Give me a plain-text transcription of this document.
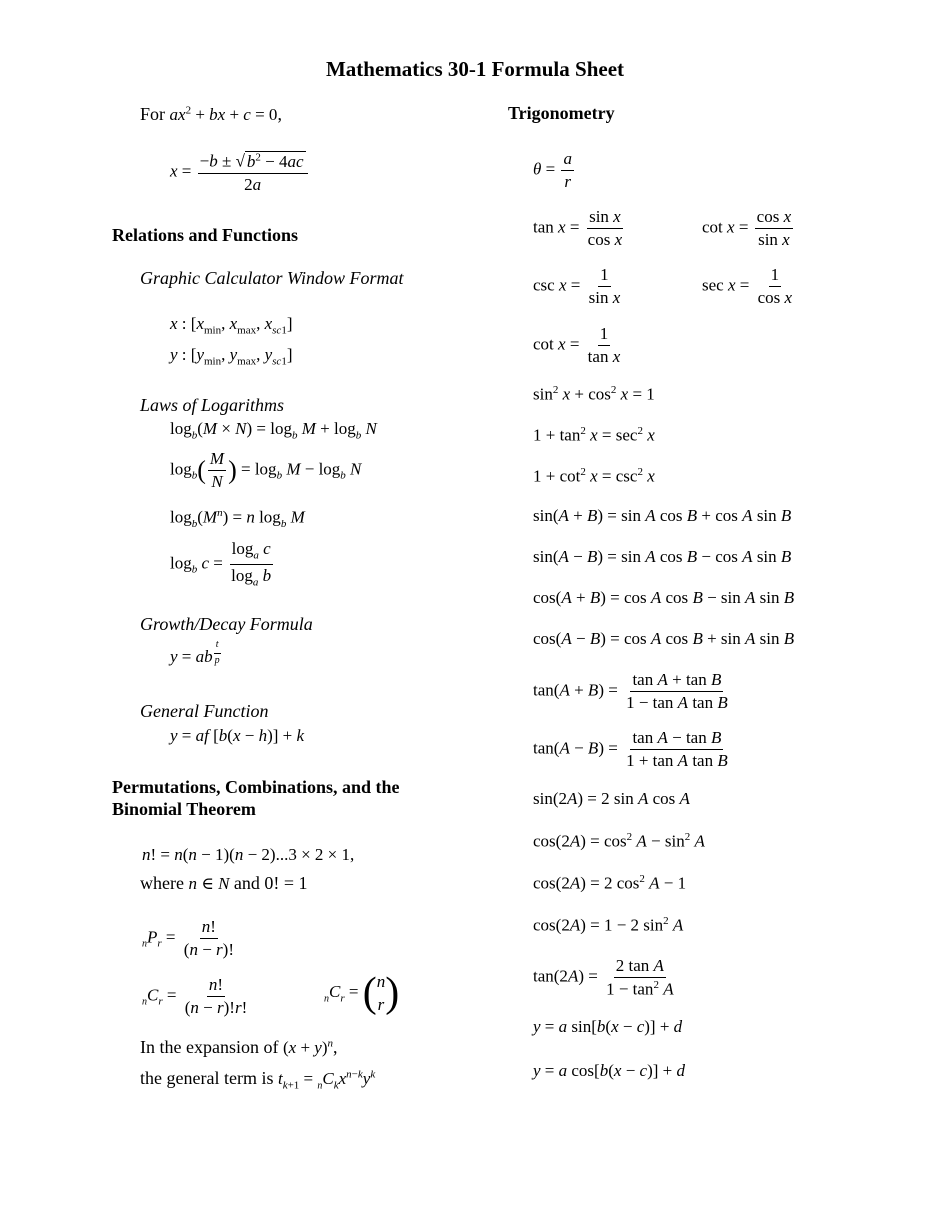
Mathematics 30-1 Formula Sheet
For $ax^2$ + bx + c = 0,
$x = \frac{-b \pm √ b^2 - 4ac}{2a}$
Relations and Functions
Graphic Calculator Window Format
x : [$x_{min}$, $x_{max}$, $x_{sc1}$]
y : [$y_{min}$, $y_{max}$, $y_{sc1}$]
Laws of Logarithms
$\log_b(M \times N) = \log_b M + \log_b N$
$\log_b( \frac{M}{N}$ ) = $\log_b M - \log_b N$
$\log_b(M^n) = n$ $\log_b M$
$\log_b c = \frac{\log_a c}{\log_a b}$
Growth/Decay Formula
y = ab $^{\frac{t}{p}}$
General Function
y = af [b(x − h)] + k
Permutations, Combinations, and the
Binomial Theorem
n! = n(n − 1)(n − 2)...3 × 2 × 1,
where n ∈ N and 0! = 1
$_nP_r = \frac{n!}{(n - r)!}$
$_nC_r = \frac{n!}{(n - r)!r!}$	$_nC_r$ = ( n
r )
In the expansion of $(x + y)^n$,
the general term is $t_{k+1} = _nC_kx^{n-k}y^k$
Trigonometry
$\theta = \frac{a}{r}$
$\tan x = \frac{\text{sin x}}{\text{cos x}}$	$\cot x = \frac{\text{cos x}}{\text{sin x}}$
$\csc x = \frac{1}{\text{sin x}}$	$\sec x = \frac{1}{\text{cos x}}$
$\cot x = \frac{1}{\text{tan x}}$
$\sin^2 x + \cos^2 x = 1$
$1 + \tan^2 x = \sec^2 x$
$1 + \cot^2 x = \csc^2 x$
sin(A + B) = sin A cos B + cos A sin B
sin(A − B) = sin A cos B − cos A sin B
cos(A + B) = cos A cos B − sin A sin B
cos(A − B) = cos A cos B + sin A sin B
$\tan(A + B) = \frac{\text{tan A + tan B}}{\text{1 − tan A tan B}}$
$\tan(A - B) = \frac{\text{tan A − tan B}}{\text{1 + tan A tan B}}$
sin(2A) = 2 sin A cos A
$\cos(2A) = \cos^2 A - \sin^2 A$
cos(2A) = 2 $\cos^2 A - 1$
cos(2A) = 1 − 2 $\sin^2 A$
$\tan(2A) = \frac{\text{2 tan A}}{1 - \tan^2 A}$
y = a sin[b(x − c)] + d
y = a cos[b(x − c)] + d
